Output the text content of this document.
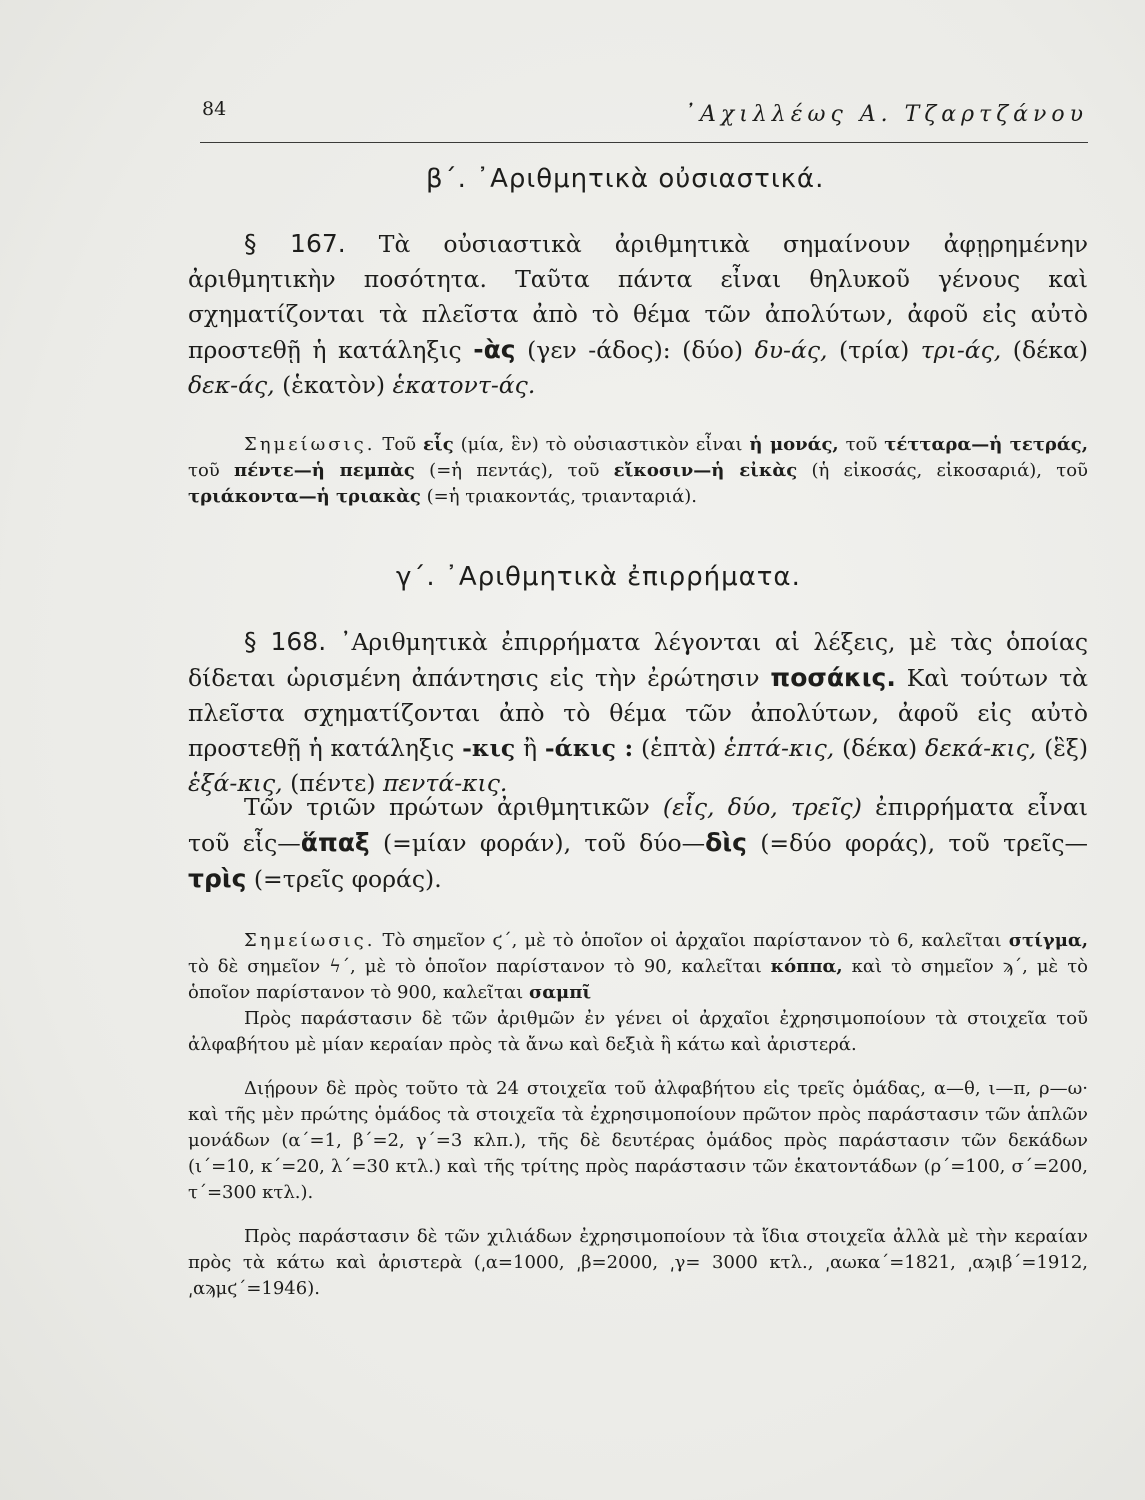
84	᾿Αχιλλέως Α. Τζαρτζάνου
β΄. ᾿Αριθμητικὰ οὐσιαστικά.

§ 167. Τὰ οὐσιαστικὰ ἀριθμητικὰ σημαίνουν ἀφῃρημένην ἀριθμητικὴν ποσότητα. Ταῦτα πάντα εἶναι θηλυκοῦ γένους καὶ σχηματίζονται τὰ πλεῖστα ἀπὸ τὸ θέμα τῶν ἀπολύτων, ἀφοῦ εἰς αὐτὸ προστεθῇ ἡ κατάληξις -ὰς (γεν -άδος): (δύο) δυ-άς, (τρία) τρι-άς, (δέκα) δεκ-άς, (ἑκατὸν) ἑκατοντ-άς.

Σημείωσις. Τοῦ εἷς (μία, ἓν) τὸ οὐσιαστικὸν εἶναι ἡ μονάς, τοῦ τέτταρα—ἡ τετράς, τοῦ πέντε—ἡ πεμπὰς (=ἡ πεντάς), τοῦ εἴκοσιν—ἡ εἰκὰς (ἡ εἰκοσάς, εἰκοσαριά), τοῦ τριάκοντα—ἡ τριακὰς (=ἡ τριακοντάς, τριανταριά).

γ΄. ᾿Αριθμητικὰ ἐπιρρήματα.

§ 168. ᾿Αριθμητικὰ ἐπιρρήματα λέγονται αἱ λέξεις, μὲ τὰς ὁποίας δίδεται ὡρισμένη ἀπάντησις εἰς τὴν ἐρώτησιν ποσάκις. Καὶ τούτων τὰ πλεῖστα σχηματίζονται ἀπὸ τὸ θέμα τῶν ἀπολύτων, ἀφοῦ εἰς αὐτὸ προστεθῇ ἡ κατάληξις -κις ἢ -άκις : (ἑπτὰ) ἑπτά-κις, (δέκα) δεκά-κις, (ἓξ) ἑξά-κις, (πέντε) πεντά-κις.

Τῶν τριῶν πρώτων ἀριθμητικῶν (εἷς, δύο, τρεῖς) ἐπιρρήματα εἶναι τοῦ εἷς—ἅπαξ (=μίαν φοράν), τοῦ δύο—δὶς (=δύο φοράς), τοῦ τρεῖς—τρὶς (=τρεῖς φοράς).

Σημείωσις. Τὸ σημεῖον ϛ΄, μὲ τὸ ὁποῖον οἱ ἀρχαῖοι παρίστανον τὸ 6, καλεῖται στίγμα, τὸ δὲ σημεῖον ϟ΄, μὲ τὸ ὁποῖον παρίστανον τὸ 90, καλεῖται κόππα, καὶ τὸ σημεῖον ϡ΄, μὲ τὸ ὁποῖον παρίστανον τὸ 900, καλεῖται σαμπῖ

Πρὸς παράστασιν δὲ τῶν ἀριθμῶν ἐν γένει οἱ ἀρχαῖοι ἐχρησιμοποίουν τὰ στοιχεῖα τοῦ ἀλφαβήτου μὲ μίαν κεραίαν πρὸς τὰ ἄνω καὶ δεξιὰ ἢ κάτω καὶ ἀριστερά.

Διῄρουν δὲ πρὸς τοῦτο τὰ 24 στοιχεῖα τοῦ ἀλφαβήτου εἰς τρεῖς ὁμάδας, α—θ, ι—π, ρ—ω· καὶ τῆς μὲν πρώτης ὁμάδος τὰ στοιχεῖα τὰ ἐχρησιμοποίουν πρῶτον πρὸς παράστασιν τῶν ἁπλῶν μονάδων (α΄=1, β΄=2, γ΄=3 κλπ.), τῆς δὲ δευτέρας ὁμάδος πρὸς παράστασιν τῶν δεκάδων (ι΄=10, κ΄=20, λ΄=30 κτλ.) καὶ τῆς τρίτης πρὸς παράστασιν τῶν ἑκατοντάδων (ρ΄=100, σ΄=200, τ΄=300 κτλ.).

Πρὸς παράστασιν δὲ τῶν χιλιάδων ἐχρησιμοποίουν τὰ ἴδια στοιχεῖα ἀλλὰ μὲ τὴν κεραίαν πρὸς τὰ κάτω καὶ ἀριστερὰ (͵α=1000, ͵β=2000, ͵γ= 3000 κτλ., ͵αωκα΄=1821, ͵αϡιβ΄=1912, ͵αϡμϛ΄=1946).
